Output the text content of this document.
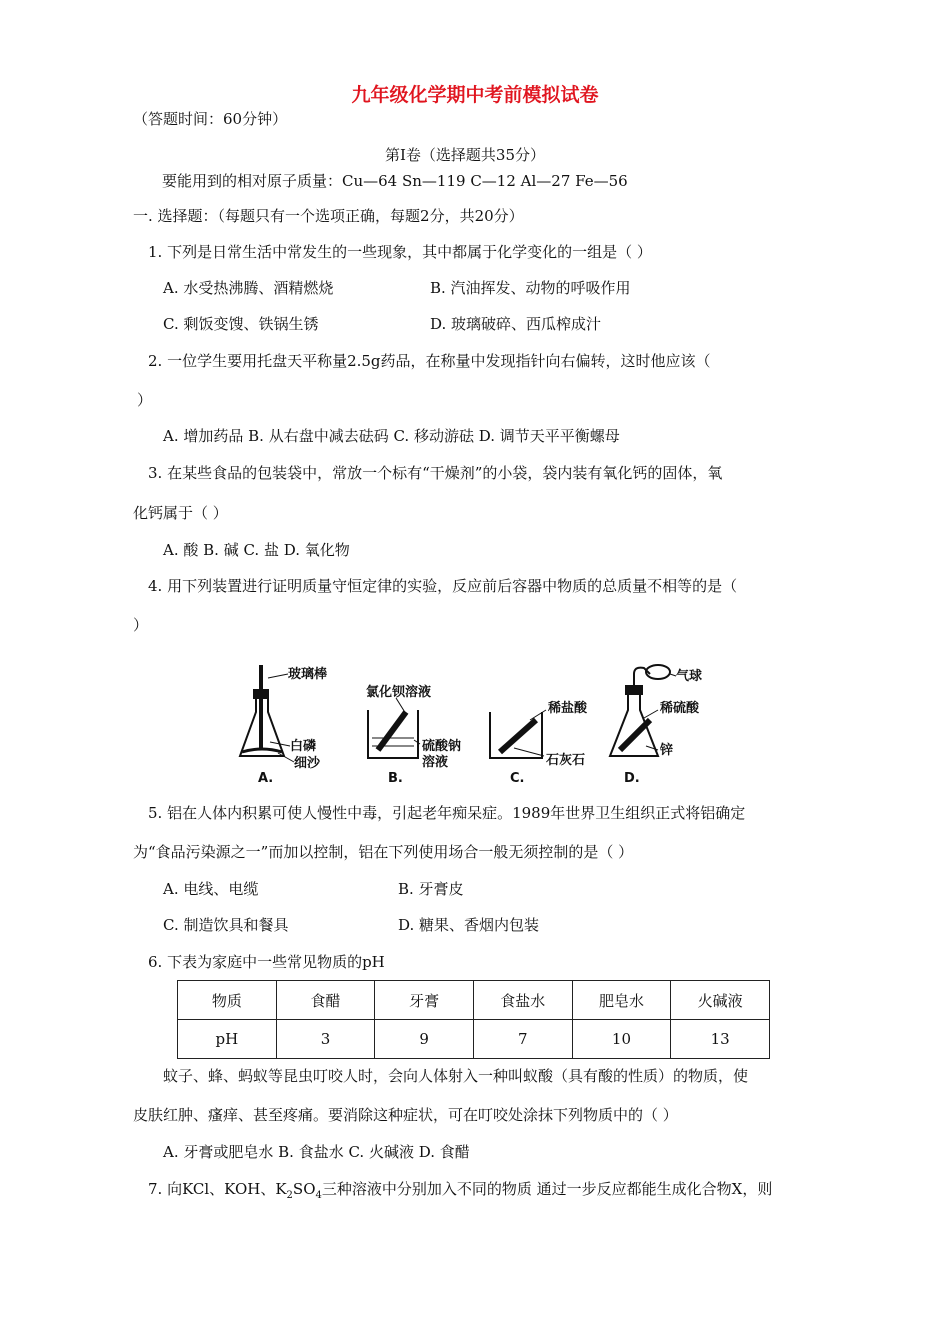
九年级化学期中考前模拟试卷
（答题时间：60分钟）
第Ⅰ卷（选择题共35分）
要能用到的相对原子质量：Cu—64 Sn—119 C—12 Al—27 Fe—56
一. 选择题：（每题只有一个选项正确，每题2分，共20分）
1. 下列是日常生活中常发生的一些现象，其中都属于化学变化的一组是（ ）
A. 水受热沸腾、酒精燃烧	B. 汽油挥发、动物的呼吸作用
C. 剩饭变馊、铁锅生锈	D. 玻璃破碎、西瓜榨成汁
2. 一位学生要用托盘天平称量2.5g药品，在称量中发现指针向右偏转，这时他应该（
）
A. 增加药品 B. 从右盘中减去砝码 C. 移动游砝 D. 调节天平平衡螺母
3. 在某些食品的包装袋中，常放一个标有“干燥剂”的小袋，袋内装有氧化钙的固体，氧
化钙属于（ ）
A. 酸 B. 碱 C. 盐 D. 氧化物
4. 用下列装置进行证明质量守恒定律的实验，反应前后容器中物质的总质量不相等的是（
）
玻璃棒
白磷
细沙
A.
氯化钡溶液
硫酸钠
溶液
B.
稀盐酸
石灰石
C.
气球
稀硫酸
锌
D.
5. 铝在人体内积累可使人慢性中毒，引起老年痴呆症。1989年世界卫生组织正式将铝确定
为“食品污染源之一”而加以控制，铝在下列使用场合一般无须控制的是（ ）
A. 电线、电缆	B. 牙膏皮
C. 制造饮具和餐具	D. 糖果、香烟内包装
6. 下表为家庭中一些常见物质的pH
物质	食醋	牙膏	食盐水	肥皂水	火碱液
pH	3	9	7	10	13
蚊子、蜂、蚂蚁等昆虫叮咬人时，会向人体射入一种叫蚁酸（具有酸的性质）的物质，使
皮肤红肿、瘙痒、甚至疼痛。要消除这种症状，可在叮咬处涂抹下列物质中的（ ）
A. 牙膏或肥皂水 B. 食盐水 C. 火碱液 D. 食醋
7. 向KCl、KOH、$K_2SO_4$三种溶液中分别加入不同的物质 通过一步反应都能生成化合物X，则
